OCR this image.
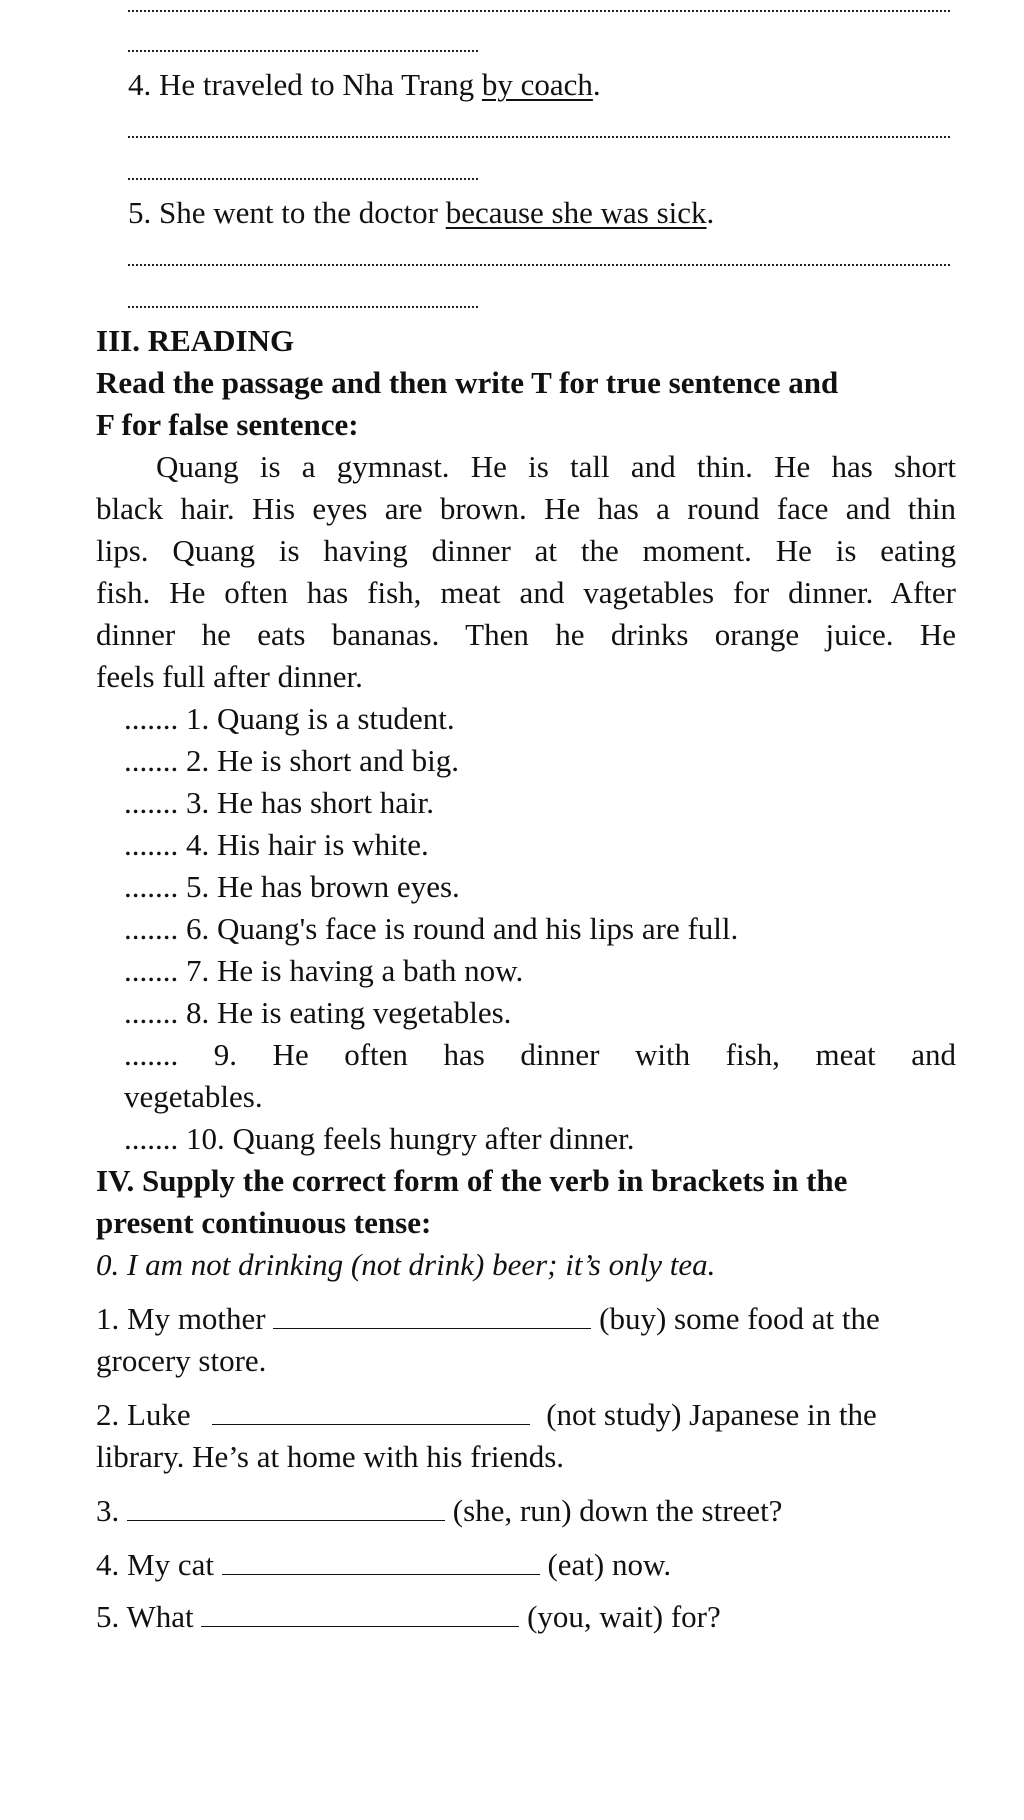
4. He traveled to Nha Trang by coach.
5. She went to the doctor because she was sick.
III. READING
Read the passage and then write T for true sentence and
F for false sentence:
Quang is a gymnast. He is tall and thin. He has short
black hair. His eyes are brown. He has a round face and thin
lips. Quang is having dinner at the moment. He is eating
fish. He often has fish, meat and vagetables for dinner. After
dinner he eats bananas. Then he drinks orange juice. He
feels full after dinner.
....... 1. Quang is a student.
....... 2. He is short and big.
....... 3. He has short hair.
....... 4. His hair is white.
....... 5. He has brown eyes.
....... 6. Quang's face is round and his lips are full.
....... 7. He is having a bath now.
....... 8. He is eating vegetables.
....... 9. He often has dinner with fish, meat and
vegetables.
....... 10. Quang feels hungry after dinner.
IV. Supply the correct form of the verb in brackets in the
present continuous tense:
0. I am not drinking (not drink) beer; it’s only tea.
1. My mother	(buy) some food at the
grocery store.
2. Luke	(not study) Japanese in the
library. He’s at home with his friends.
3.	(she, run) down the street?
4. My cat	(eat) now.
5. What	(you, wait) for?
